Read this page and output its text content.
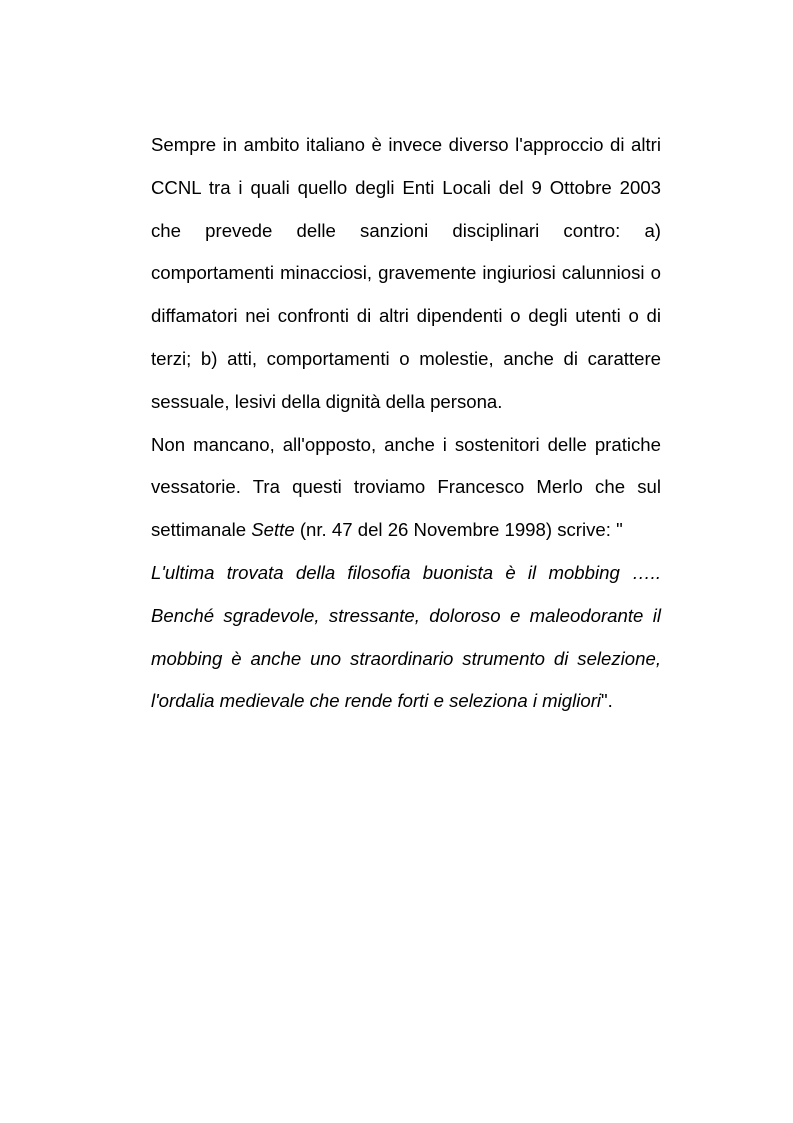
Sempre in ambito italiano è invece diverso l'approccio di altri CCNL tra i quali quello degli Enti Locali del 9 Ottobre 2003 che prevede delle sanzioni disciplinari contro: a) comportamenti minacciosi, gravemente ingiuriosi calunniosi o diffamatori nei confronti di altri dipendenti o degli utenti o di terzi; b) atti, comportamenti o molestie, anche di carattere sessuale, lesivi della dignità della persona.

Non mancano, all'opposto, anche i sostenitori delle pratiche vessatorie. Tra questi troviamo Francesco Merlo che sul settimanale Sette (nr. 47 del 26 Novembre 1998) scrive: "
L'ultima trovata della filosofia buonista è il mobbing …..
Benché sgradevole, stressante, doloroso e maleodorante il
mobbing è anche uno straordinario strumento di selezione,
l'ordalia medievale che rende forti e seleziona i migliori".
